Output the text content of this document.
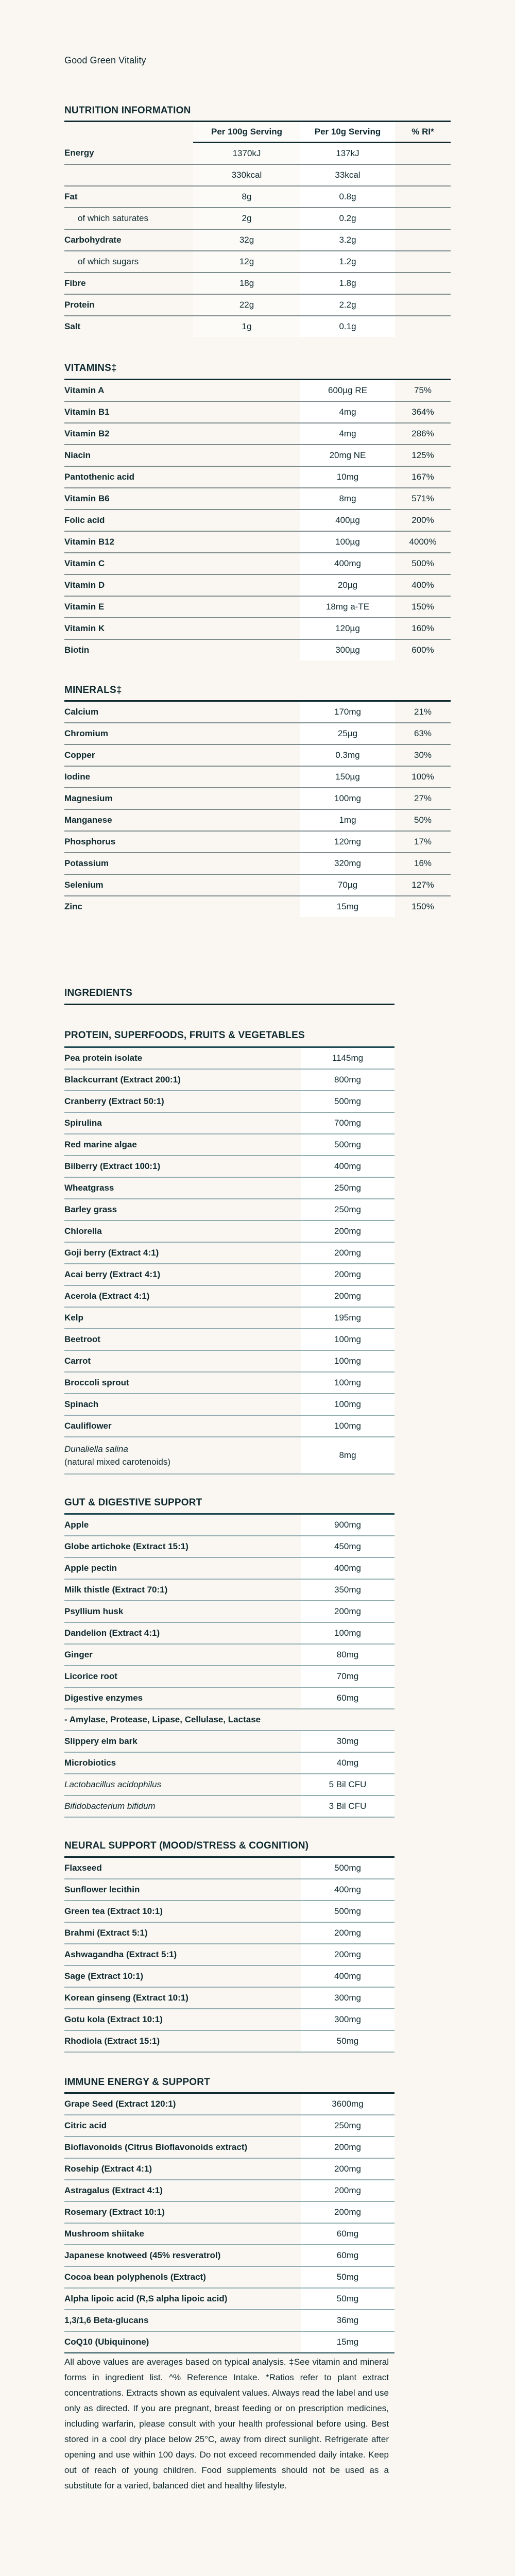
Good Green Vitality
NUTRITION INFORMATION
	Per 100g Serving	Per 10g Serving	% RI*
Energy	1370kJ	137kJ	
	330kcal	33kcal	
Fat	8g	0.8g	
of which saturates	2g	0.2g	
Carbohydrate	32g	3.2g	
of which sugars	12g	1.2g	
Fibre	18g	1.8g	
Protein	22g	2.2g	
Salt	1g	0.1g	
VITAMINS‡
Vitamin A	600µg RE	75%
Vitamin B1	4mg	364%
Vitamin B2	4mg	286%
Niacin	20mg NE	125%
Pantothenic acid	10mg	167%
Vitamin B6	8mg	571%
Folic acid	400µg	200%
Vitamin B12	100µg	4000%
Vitamin C	400mg	500%
Vitamin D	20µg	400%
Vitamin E	18mg a-TE	150%
Vitamin K	120µg	160%
Biotin	300µg	600%
MINERALS‡
Calcium	170mg	21%
Chromium	25µg	63%
Copper	0.3mg	30%
Iodine	150µg	100%
Magnesium	100mg	27%
Manganese	1mg	50%
Phosphorus	120mg	17%
Potassium	320mg	16%
Selenium	70µg	127%
Zinc	15mg	150%
INGREDIENTS
PROTEIN, SUPERFOODS, FRUITS & VEGETABLES
Pea protein isolate	1145mg
Blackcurrant (Extract 200:1)	800mg
Cranberry (Extract 50:1)	500mg
Spirulina	700mg
Red marine algae	500mg
Bilberry (Extract 100:1)	400mg
Wheatgrass	250mg
Barley grass	250mg
Chlorella	200mg
Goji berry (Extract 4:1)	200mg
Acai berry (Extract 4:1)	200mg
Acerola (Extract 4:1)	200mg
Kelp	195mg
Beetroot	100mg
Carrot	100mg
Broccoli sprout	100mg
Spinach	100mg
Cauliflower	100mg

Dunaliella salina
(natural mixed carotenoids)	8mg
GUT & DIGESTIVE SUPPORT
Apple	900mg
Globe artichoke (Extract 15:1)	450mg
Apple pectin	400mg
Milk thistle (Extract 70:1)	350mg
Psyllium husk	200mg
Dandelion (Extract 4:1)	100mg
Ginger	80mg
Licorice root	70mg
Digestive enzymes	60mg
- Amylase, Protease, Lipase, Cellulase, Lactase	
Slippery elm bark	30mg
Microbiotics	40mg
Lactobacillus acidophilus	5 Bil CFU
Bifidobacterium bifidum	3 Bil CFU
NEURAL SUPPORT (MOOD/STRESS & COGNITION)
Flaxseed	500mg
Sunflower lecithin	400mg
Green tea (Extract 10:1)	500mg
Brahmi (Extract 5:1)	200mg
Ashwagandha (Extract 5:1)	200mg
Sage (Extract 10:1)	400mg
Korean ginseng (Extract 10:1)	300mg
Gotu kola (Extract 10:1)	300mg
Rhodiola (Extract 15:1)	50mg
IMMUNE ENERGY & SUPPORT
Grape Seed (Extract 120:1)	3600mg
Citric acid	250mg
Bioflavonoids (Citrus Bioflavonoids extract)	200mg
Rosehip (Extract 4:1)	200mg
Astragalus (Extract 4:1)	200mg
Rosemary (Extract 10:1)	200mg
Mushroom shiitake	60mg
Japanese knotweed (45% resveratrol)	60mg
Cocoa bean polyphenols (Extract)	50mg
Alpha lipoic acid (R,S alpha lipoic acid)	50mg
1,3/1,6 Beta-glucans	36mg
CoQ10 (Ubiquinone)	15mg
All above values are averages based on typical analysis. ‡See vitamin and mineral forms in ingredient list. ^% Reference Intake. *Ratios refer to plant extract concentrations. Extracts shown as equivalent values. Always read the label and use only as directed. If you are pregnant, breast feeding or on prescription medicines, including warfarin, please consult with your health professional before using. Best stored in a cool dry place below 25°C, away from direct sunlight. Refrigerate after opening and use within 100 days. Do not exceed recommended daily intake. Keep out of reach of young children. Food supplements should not be used as a substitute for a varied, balanced diet and healthy lifestyle.
